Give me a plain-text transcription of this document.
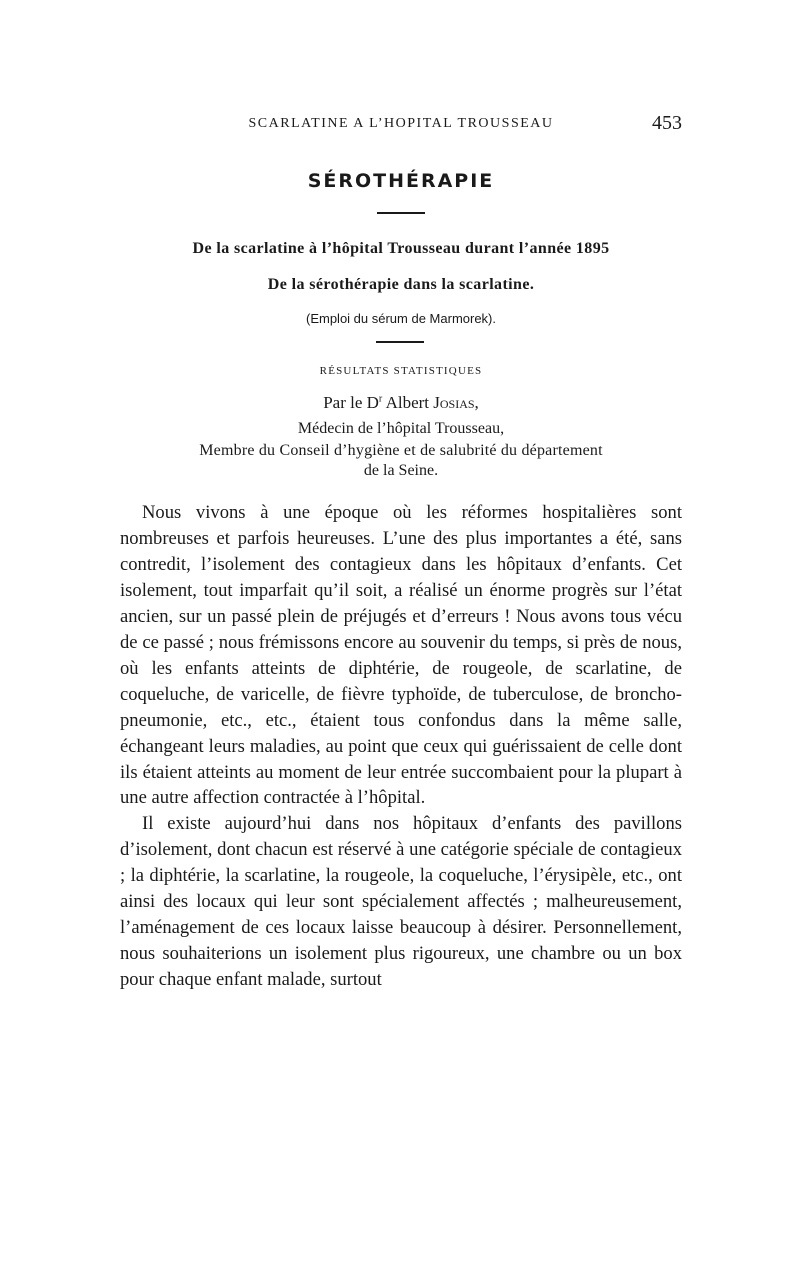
SCARLATINE A L’HOPITAL TROUSSEAU	453
SÉROTHÉRAPIE
De la scarlatine à l’hôpital Trousseau durant l’année 1895
De la sérothérapie dans la scarlatine.
(Emploi du sérum de Marmorek).
RÉSULTATS STATISTIQUES
Par le $D^r$ Albert Josias,
Médecin de l’hôpital Trousseau,
Membre du Conseil d’hygiène et de salubrité du département
de la Seine.

Nous vivons à une époque où les réformes hospitalières sont nombreuses et parfois heureuses. L’une des plus importantes a été, sans contredit, l’isolement des contagieux dans les hôpitaux d’enfants. Cet isolement, tout imparfait qu’il soit, a réalisé un énorme progrès sur l’état ancien, sur un passé plein de préjugés et d’erreurs ! Nous avons tous vécu de ce passé ; nous frémissons encore au souvenir du temps, si près de nous, où les enfants atteints de diphtérie, de rougeole, de scarlatine, de coqueluche, de varicelle, de fièvre typhoïde, de tuberculose, de broncho-pneumonie, etc., etc., étaient tous confondus dans la même salle, échangeant leurs maladies, au point que ceux qui guérissaient de celle dont ils étaient atteints au moment de leur entrée succombaient pour la plupart à une autre affection contractée à l’hôpital.

Il existe aujourd’hui dans nos hôpitaux d’enfants des pavillons d’isolement, dont chacun est réservé à une catégorie spéciale de contagieux ; la diphtérie, la scarlatine, la rougeole, la coqueluche, l’érysipèle, etc., ont ainsi des locaux qui leur sont spécialement affectés ; malheureusement, l’aménagement de ces locaux laisse beaucoup à désirer. Personnellement, nous souhaiterions un isolement plus rigoureux, une chambre ou un box pour chaque enfant malade, surtout
